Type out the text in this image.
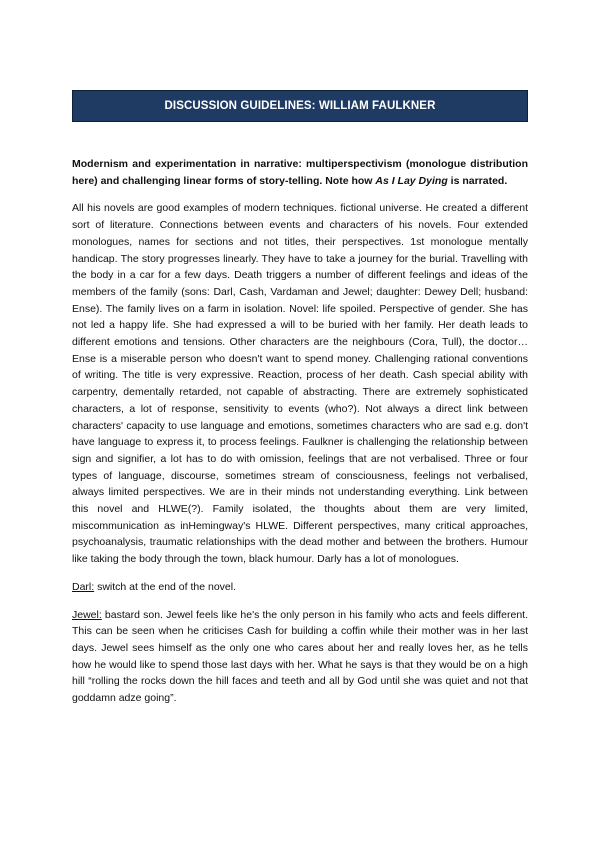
DISCUSSION GUIDELINES: WILLIAM FAULKNER

Modernism and experimentation in narrative: multiperspectivism (monologue distribution here) and challenging linear forms of story-telling. Note how As I Lay Dying is narrated.

All his novels are good examples of modern techniques. fictional universe. He created a different sort of literature. Connections between events and characters of his novels. Four extended monologues, names for sections and not titles, their perspectives. 1st monologue mentally handicap. The story progresses linearly. They have to take a journey for the burial. Travelling with the body in a car for a few days. Death triggers a number of different feelings and ideas of the members of the family (sons: Darl, Cash, Vardaman and Jewel; daughter: Dewey Dell; husband: Ense). The family lives on a farm in isolation. Novel: life spoiled. Perspective of gender. She has not led a happy life. She had expressed a will to be buried with her family. Her death leads to different emotions and tensions. Other characters are the neighbours (Cora, Tull), the doctor… Ense is a miserable person who doesn't want to spend money. Challenging rational conventions of writing. The title is very expressive. Reaction, process of her death. Cash special ability with carpentry, dementally retarded, not capable of abstracting. There are extremely sophisticated characters, a lot of response, sensitivity to events (who?). Not always a direct link between characters' capacity to use language and emotions, sometimes characters who are sad e.g. don't have language to express it, to process feelings. Faulkner is challenging the relationship between sign and signifier, a lot has to do with omission, feelings that are not verbalised. Three or four types of language, discourse, sometimes stream of consciousness, feelings not verbalised, always limited perspectives. We are in their minds not understanding everything. Link between this novel and HLWE(?). Family isolated, the thoughts about them are very limited, miscommunication as inHemingway's HLWE. Different perspectives, many critical approaches, psychoanalysis, traumatic relationships with the dead mother and between the brothers. Humour like taking the body through the town, black humour. Darly has a lot of monologues.

Darl: switch at the end of the novel.

Jewel: bastard son. Jewel feels like he's the only person in his family who acts and feels different. This can be seen when he criticises Cash for building a coffin while their mother was in her last days. Jewel sees himself as the only one who cares about her and really loves her, as he tells how he would like to spend those last days with her. What he says is that they would be on a high hill “rolling the rocks down the hill faces and teeth and all by God until she was quiet and not that goddamn adze going”.
